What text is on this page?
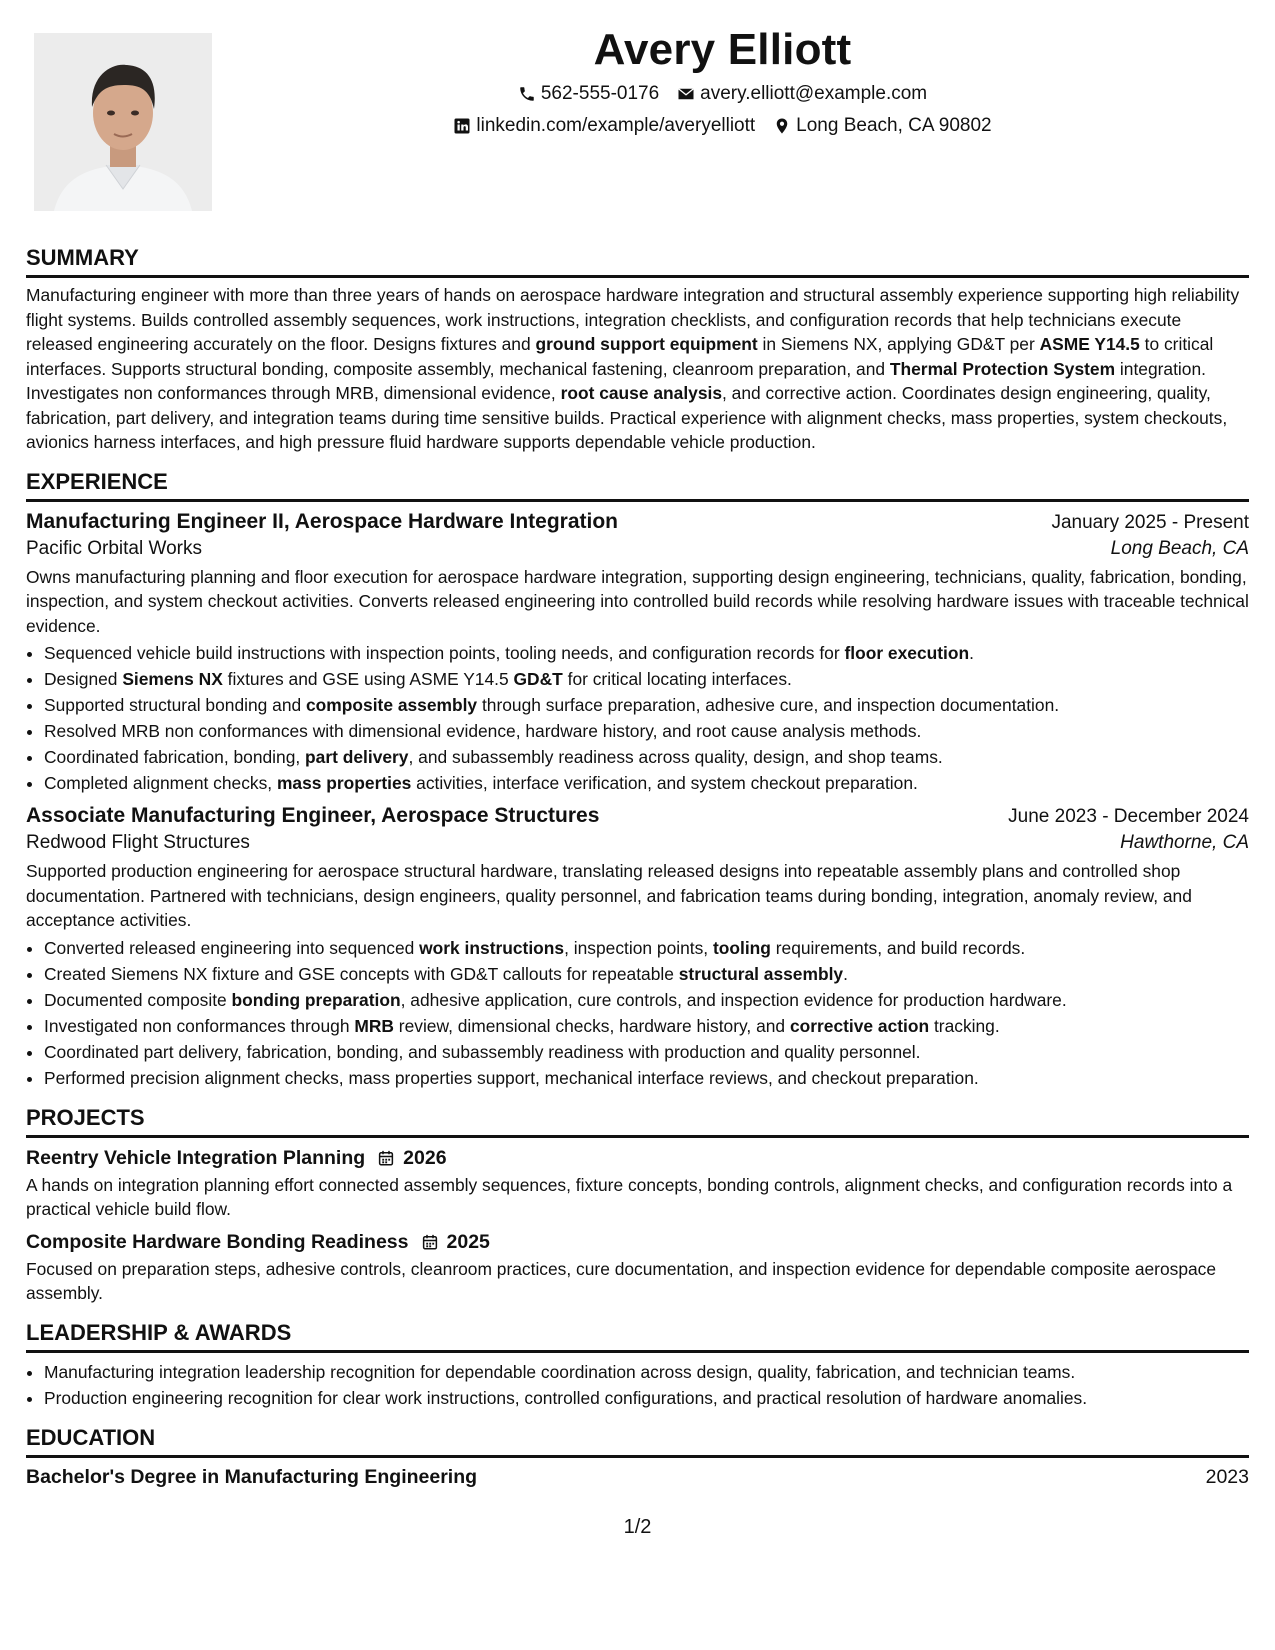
Avery Elliott
562-555-0176 avery.elliott@example.com
linkedin.com/example/averyelliott Long Beach, CA 90802
SUMMARY

Manufacturing engineer with more than three years of hands on aerospace hardware integration and structural assembly experience supporting high reliability flight systems. Builds controlled assembly sequences, work instructions, integration checklists, and configuration records that help technicians execute released engineering accurately on the floor. Designs fixtures and ground support equipment in Siemens NX, applying GD&T per ASME Y14.5 to critical interfaces. Supports structural bonding, composite assembly, mechanical fastening, cleanroom preparation, and Thermal Protection System integration. Investigates non conformances through MRB, dimensional evidence, root cause analysis, and corrective action. Coordinates design engineering, quality, fabrication, part delivery, and integration teams during time sensitive builds. Practical experience with alignment checks, mass properties, system checkouts, avionics harness interfaces, and high pressure fluid hardware supports dependable vehicle production.

EXPERIENCE
Manufacturing Engineer II, Aerospace Hardware Integration	January 2025 - Present
Pacific Orbital Works	Long Beach, CA

Owns manufacturing planning and floor execution for aerospace hardware integration, supporting design engineering, technicians, quality, fabrication, bonding, inspection, and system checkout activities. Converts released engineering into controlled build records while resolving hardware issues with traceable technical evidence.

• Sequenced vehicle build instructions with inspection points, tooling needs, and configuration records for floor execution.
• Designed Siemens NX fixtures and GSE using ASME Y14.5 GD&T for critical locating interfaces.
• Supported structural bonding and composite assembly through surface preparation, adhesive cure, and inspection documentation.
• Resolved MRB non conformances with dimensional evidence, hardware history, and root cause analysis methods.
• Coordinated fabrication, bonding, part delivery, and subassembly readiness across quality, design, and shop teams.
• Completed alignment checks, mass properties activities, interface verification, and system checkout preparation.
Associate Manufacturing Engineer, Aerospace Structures	June 2023 - December 2024
Redwood Flight Structures	Hawthorne, CA

Supported production engineering for aerospace structural hardware, translating released designs into repeatable assembly plans and controlled shop documentation. Partnered with technicians, design engineers, quality personnel, and fabrication teams during bonding, integration, anomaly review, and acceptance activities.

• Converted released engineering into sequenced work instructions, inspection points, tooling requirements, and build records.
• Created Siemens NX fixture and GSE concepts with GD&T callouts for repeatable structural assembly.
• Documented composite bonding preparation, adhesive application, cure controls, and inspection evidence for production hardware.
• Investigated non conformances through MRB review, dimensional checks, hardware history, and corrective action tracking.
• Coordinated part delivery, fabrication, bonding, and subassembly readiness with production and quality personnel.
• Performed precision alignment checks, mass properties support, mechanical interface reviews, and checkout preparation.
PROJECTS
Reentry Vehicle Integration Planning 2026

A hands on integration planning effort connected assembly sequences, fixture concepts, bonding controls, alignment checks, and configuration records into a practical vehicle build flow.

Composite Hardware Bonding Readiness 2025

Focused on preparation steps, adhesive controls, cleanroom practices, cure documentation, and inspection evidence for dependable composite aerospace assembly.

LEADERSHIP & AWARDS
• Manufacturing integration leadership recognition for dependable coordination across design, quality, fabrication, and technician teams.
• Production engineering recognition for clear work instructions, controlled configurations, and practical resolution of hardware anomalies.
EDUCATION
Bachelor's Degree in Manufacturing Engineering	2023
1/2
